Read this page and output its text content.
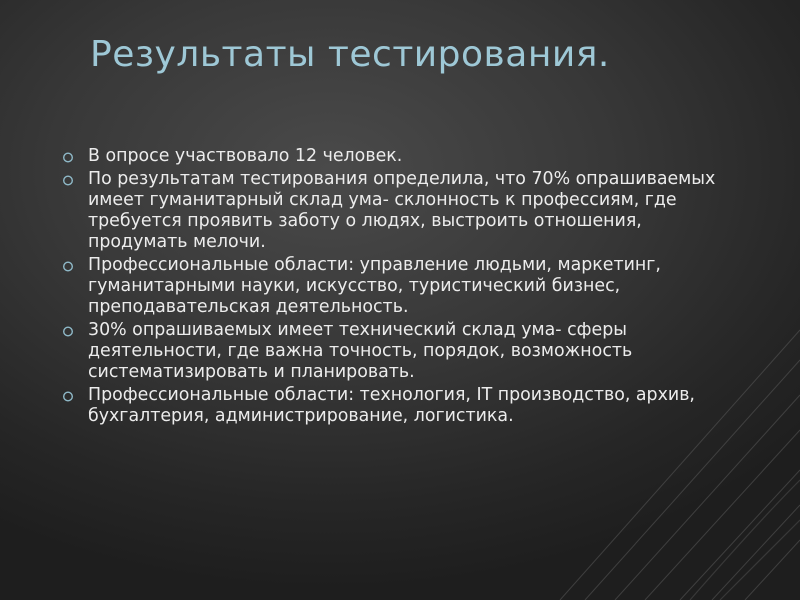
Результаты тестирования.
В опросе участвовало 12 человек.
По результатам тестирования определила, что 70% опрашиваемых имеет гуманитарный склад ума- склонность к профессиям, где требуется проявить заботу о людях, выстроить отношения, продумать мелочи.
Профессиональные области: управление людьми, маркетинг, гуманитарными науки, искусство, туристический бизнес, преподавательская деятельность.
30% опрашиваемых имеет технический склад ума- сферы деятельности, где важна точность, порядок, возможность систематизировать и планировать.
Профессиональные области: технология, IT производство, архив, бухгалтерия, администрирование, логистика.
